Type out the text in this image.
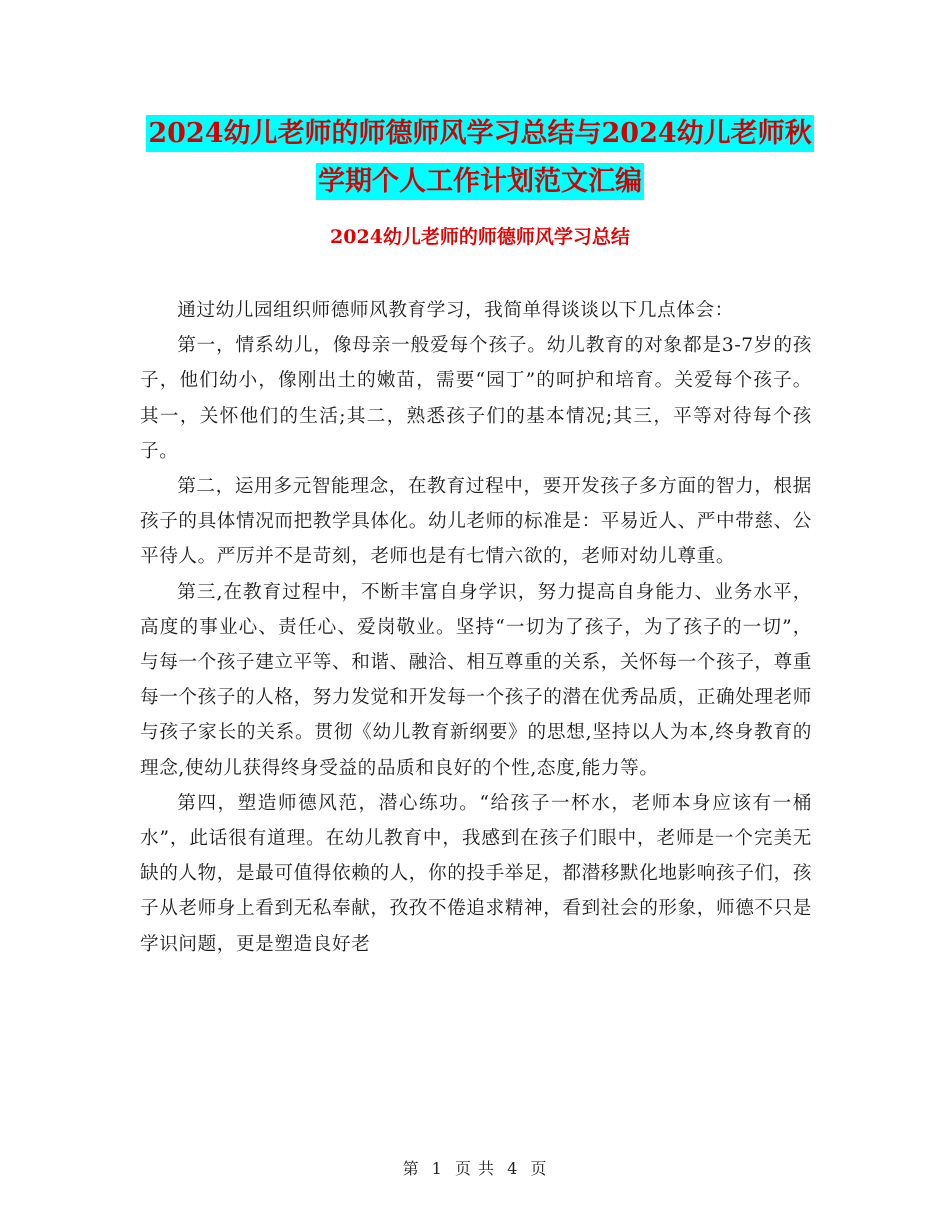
2024幼儿老师的师德师风学习总结与2024幼儿老师秋
学期个人工作计划范文汇编
2024幼儿老师的师德师风学习总结

通过幼儿园组织师德师风教育学习，我简单得谈谈以下几点体会：

第一，情系幼儿，像母亲一般爱每个孩子。幼儿教育的对象都是3-7岁的孩子，他们幼小，像刚出土的嫩苗，需要“园丁”的呵护和培育。关爱每个孩子。其一，关怀他们的生活;其二，熟悉孩子们的基本情况;其三，平等对待每个孩子。

第二，运用多元智能理念，在教育过程中，要开发孩子多方面的智力，根据孩子的具体情况而把教学具体化。幼儿老师的标准是：平易近人、严中带慈、公平待人。严厉并不是苛刻，老师也是有七情六欲的，老师对幼儿尊重。

第三,在教育过程中，不断丰富自身学识，努力提高自身能力、业务水平，高度的事业心、责任心、爱岗敬业。坚持“一切为了孩子，为了孩子的一切”，与每一个孩子建立平等、和谐、融洽、相互尊重的关系，关怀每一个孩子，尊重每一个孩子的人格，努力发觉和开发每一个孩子的潜在优秀品质，正确处理老师与孩子家长的关系。贯彻《幼儿教育新纲要》的思想,坚持以人为本,终身教育的理念,使幼儿获得终身受益的品质和良好的个性,态度,能力等。

第四，塑造师德风范，潜心练功。“给孩子一杯水，老师本身应该有一桶水”，此话很有道理。在幼儿教育中，我感到在孩子们眼中，老师是一个完美无缺的人物，是最可值得依赖的人，你的投手举足，都潜移默化地影响孩子们，孩子从老师身上看到无私奉献，孜孜不倦追求精神，看到社会的形象，师德不只是学识问题，更是塑造良好老

第 1 页 共 4 页
